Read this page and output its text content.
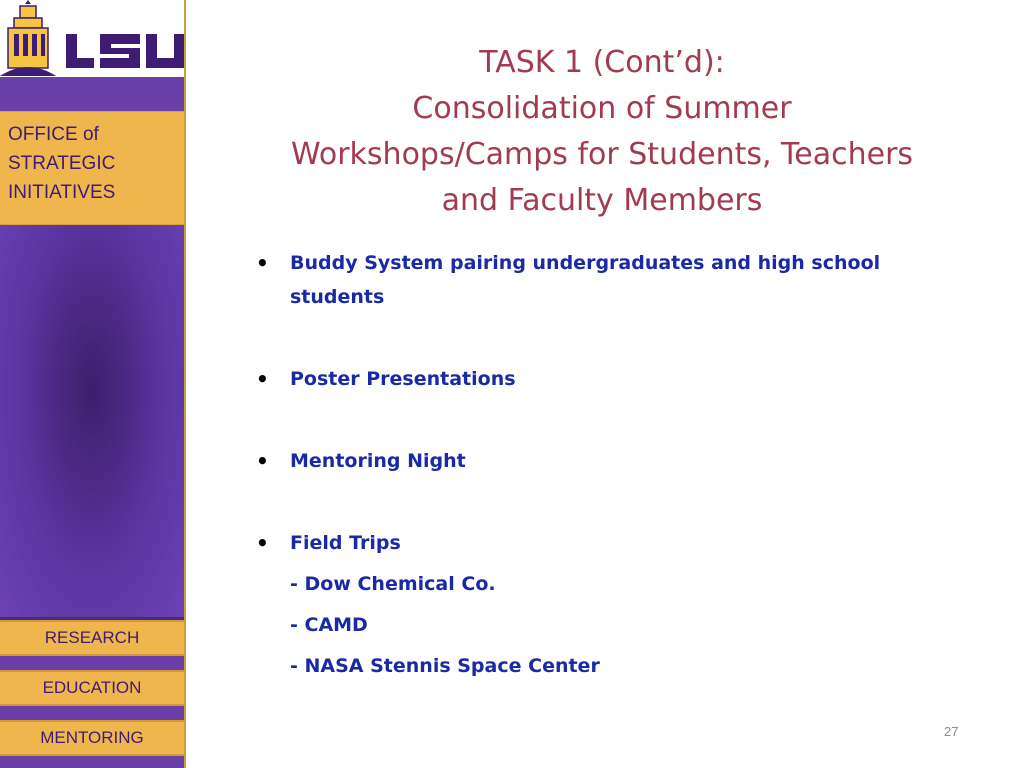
OFFICE of
STRATEGIC
INITIATIVES
RESEARCH
EDUCATION
MENTORING
TASK 1 (Cont’d):
Consolidation of Summer
Workshops/Camps for Students, Teachers
and Faculty Members
• Buddy System pairing undergraduates and high school students
• Poster Presentations
• Mentoring Night
• Field Trips
- Dow Chemical Co.
- CAMD
- NASA Stennis Space Center
27
